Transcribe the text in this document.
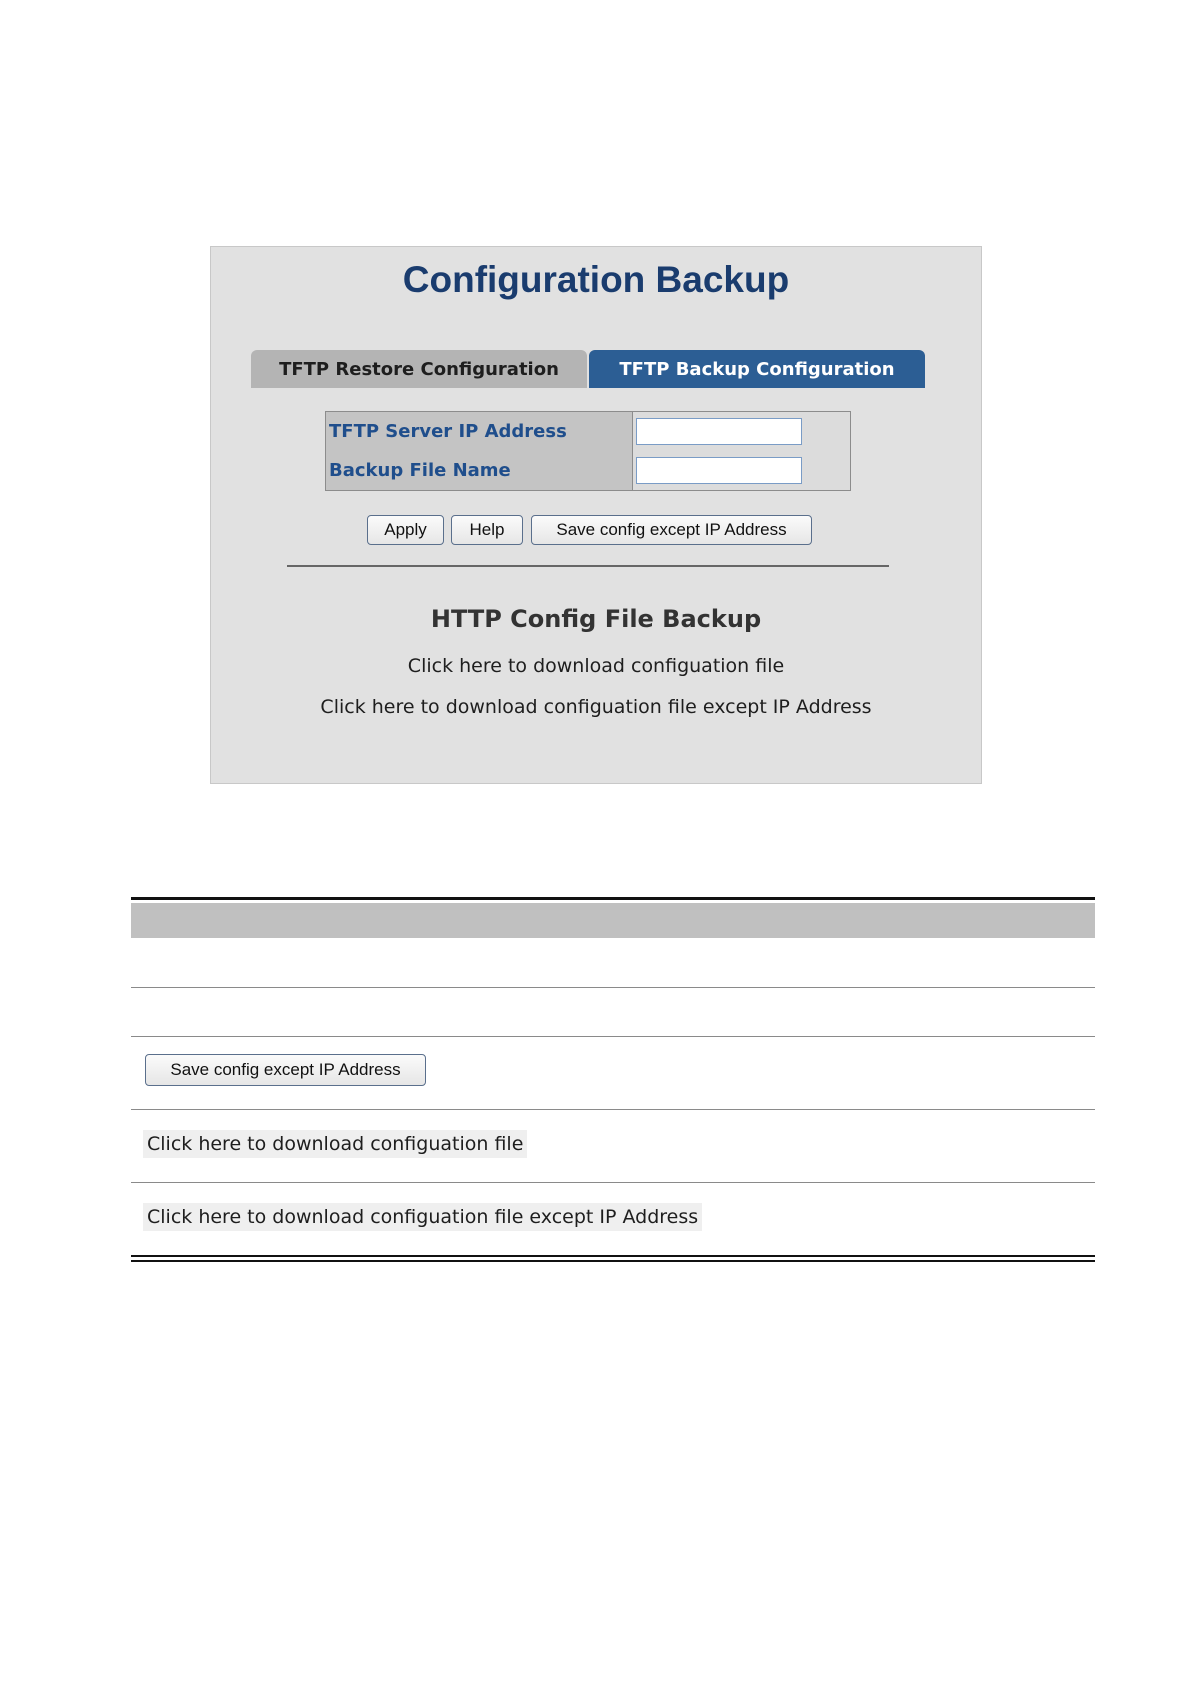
Configuration Backup
TFTP Restore Configuration	TFTP Backup Configuration
TFTP Server IP Address
Backup File Name
Apply	Help	Save config except IP Address
HTTP Config File Backup
Click here to download configuation file
Click here to download configuation file except IP Address
Save config except IP Address
Click here to download configuation file
Click here to download configuation file except IP Address
